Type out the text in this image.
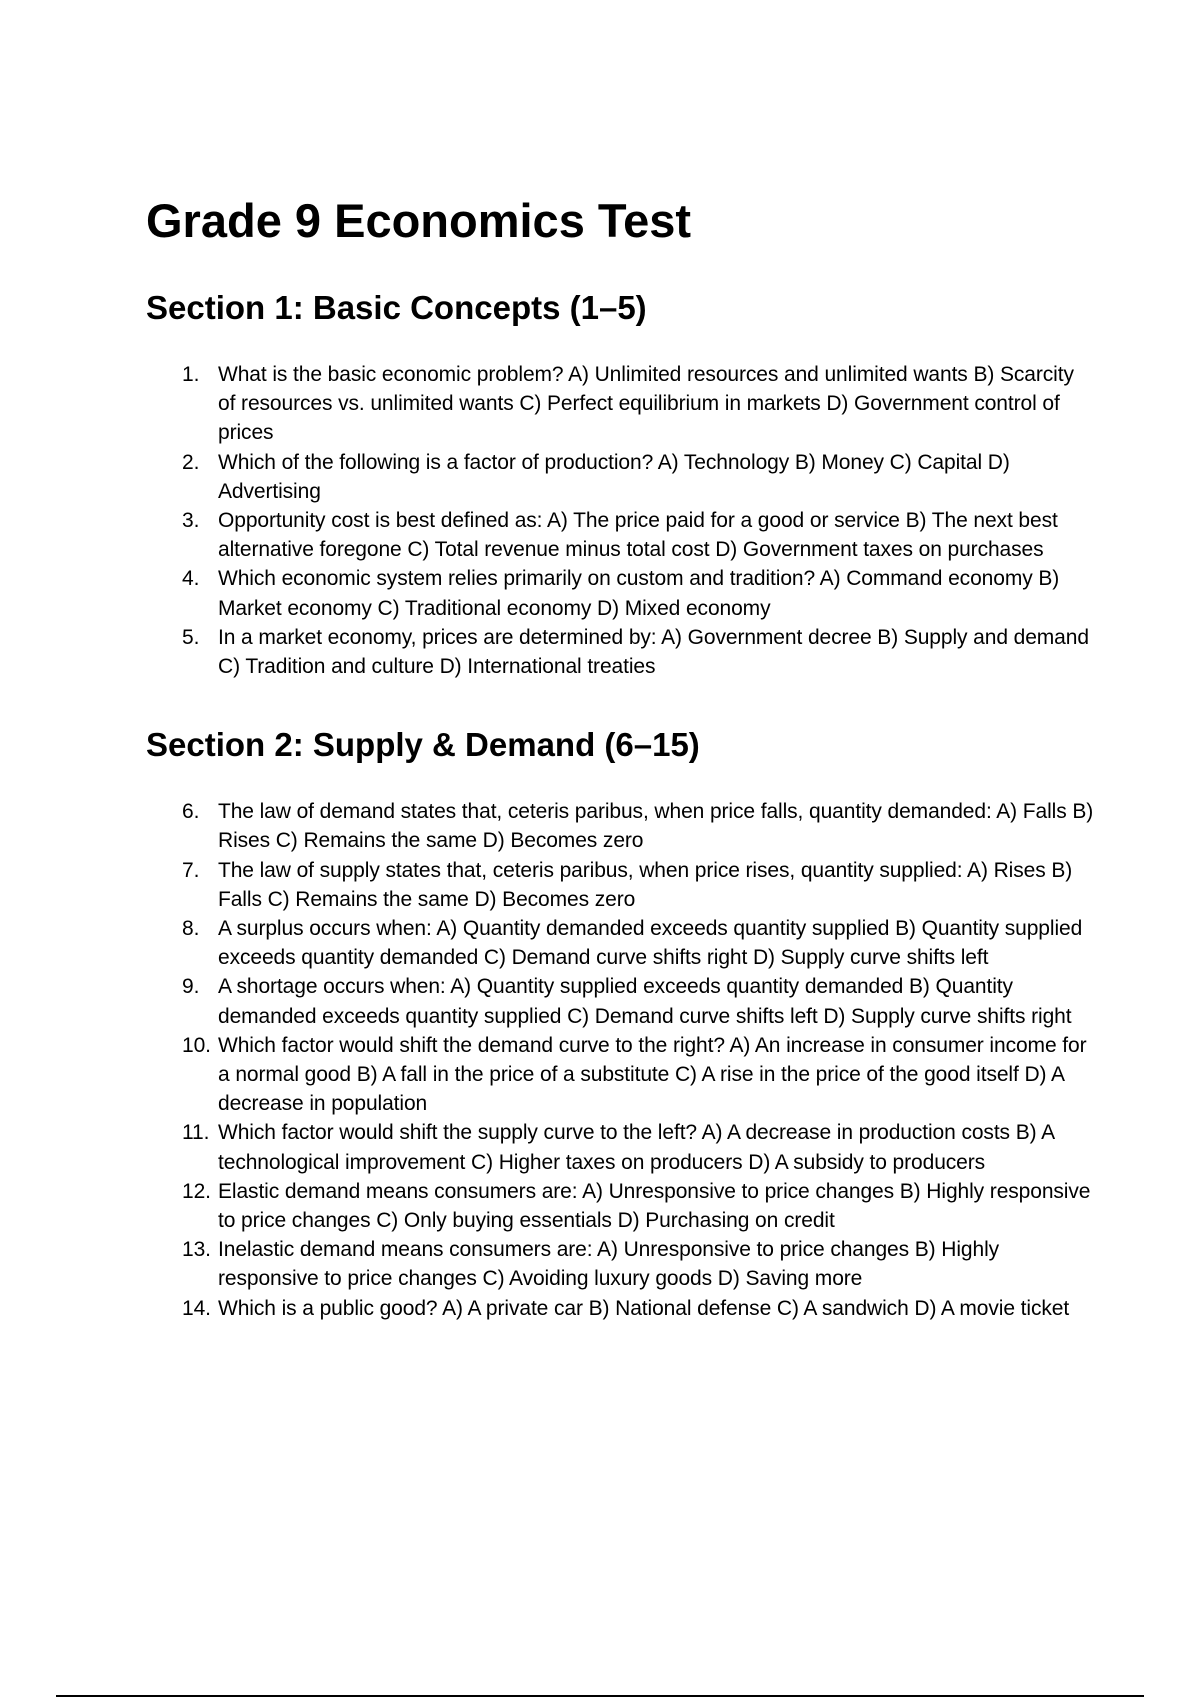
Grade 9 Economics Test
Section 1: Basic Concepts (1–5)
1. What is the basic economic problem? A) Unlimited resources and unlimited wants B) Scarcity of resources vs. unlimited wants C) Perfect equilibrium in markets D) Government control of prices
2. Which of the following is a factor of production? A) Technology B) Money C) Capital D) Advertising
3. Opportunity cost is best defined as: A) The price paid for a good or service B) The next best alternative foregone C) Total revenue minus total cost D) Government taxes on purchases
4. Which economic system relies primarily on custom and tradition? A) Command economy B) Market economy C) Traditional economy D) Mixed economy
5. In a market economy, prices are determined by: A) Government decree B) Supply and demand C) Tradition and culture D) International treaties
Section 2: Supply & Demand (6–15)
6. The law of demand states that, ceteris paribus, when price falls, quantity demanded: A) Falls B) Rises C) Remains the same D) Becomes zero
7. The law of supply states that, ceteris paribus, when price rises, quantity supplied: A) Rises B) Falls C) Remains the same D) Becomes zero
8. A surplus occurs when: A) Quantity demanded exceeds quantity supplied B) Quantity supplied exceeds quantity demanded C) Demand curve shifts right D) Supply curve shifts left
9. A shortage occurs when: A) Quantity supplied exceeds quantity demanded B) Quantity demanded exceeds quantity supplied C) Demand curve shifts left D) Supply curve shifts right
10. Which factor would shift the demand curve to the right? A) An increase in consumer income for a normal good B) A fall in the price of a substitute C) A rise in the price of the good itself D) A decrease in population
11. Which factor would shift the supply curve to the left? A) A decrease in production costs B) A technological improvement C) Higher taxes on producers D) A subsidy to producers
12. Elastic demand means consumers are: A) Unresponsive to price changes B) Highly responsive to price changes C) Only buying essentials D) Purchasing on credit
13. Inelastic demand means consumers are: A) Unresponsive to price changes B) Highly responsive to price changes C) Avoiding luxury goods D) Saving more
14. Which is a public good? A) A private car B) National defense C) A sandwich D) A movie ticket
